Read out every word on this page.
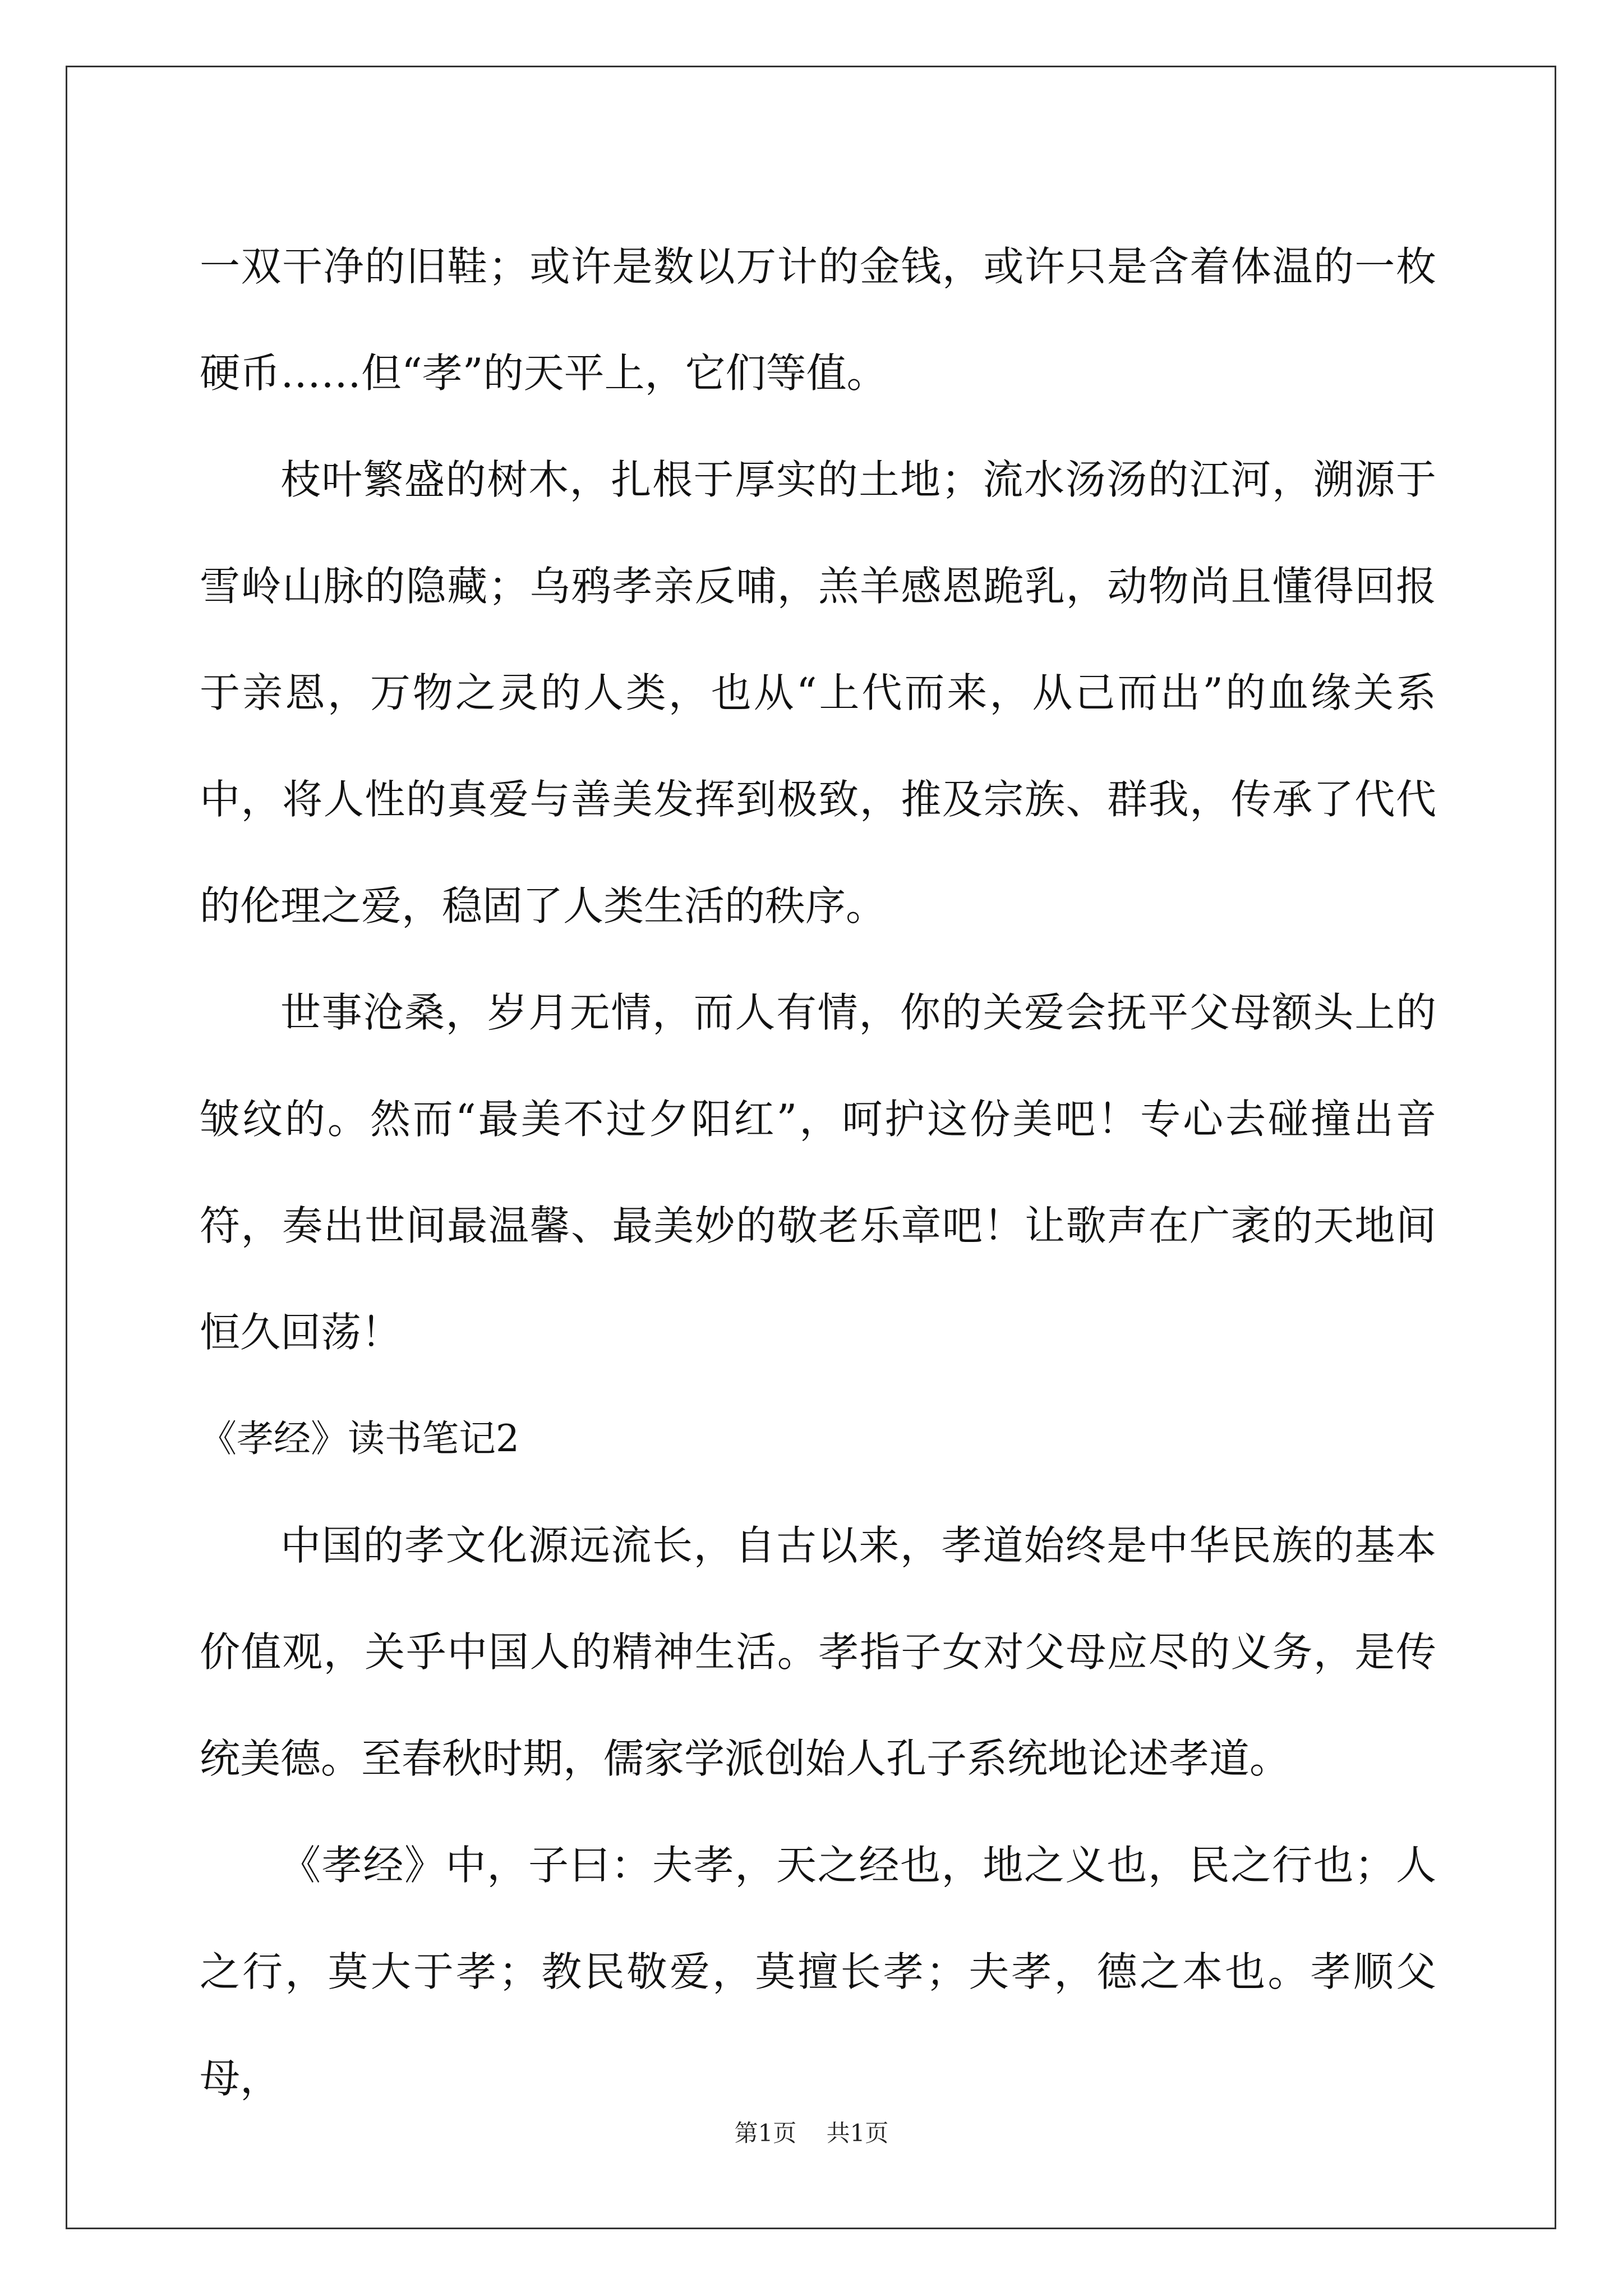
一双干净的旧鞋；或许是数以万计的金钱，或许只是含着体温的一枚硬币……但“孝”的天平上，它们等值。

枝叶繁盛的树木，扎根于厚实的土地；流水汤汤的江河，溯源于雪岭山脉的隐藏；乌鸦孝亲反哺，羔羊感恩跪乳，动物尚且懂得回报于亲恩，万物之灵的人类，也从“上代而来，从己而出”的血缘关系中，将人性的真爱与善美发挥到极致，推及宗族、群我，传承了代代的伦理之爱，稳固了人类生活的秩序。

世事沧桑，岁月无情，而人有情，你的关爱会抚平父母额头上的皱纹的。然而“最美不过夕阳红”，呵护这份美吧！专心去碰撞出音符，奏出世间最温馨、最美妙的敬老乐章吧！让歌声在广袤的天地间恒久回荡！

《孝经》读书笔记2

中国的孝文化源远流长，自古以来，孝道始终是中华民族的基本价值观，关乎中国人的精神生活。孝指子女对父母应尽的义务，是传统美德。至春秋时期，儒家学派创始人孔子系统地论述孝道。

《孝经》中，子曰：夫孝，天之经也，地之义也，民之行也；人之行，莫大于孝；教民敬爱，莫擅长孝；夫孝，德之本也。孝顺父母，

第1页 共1页
